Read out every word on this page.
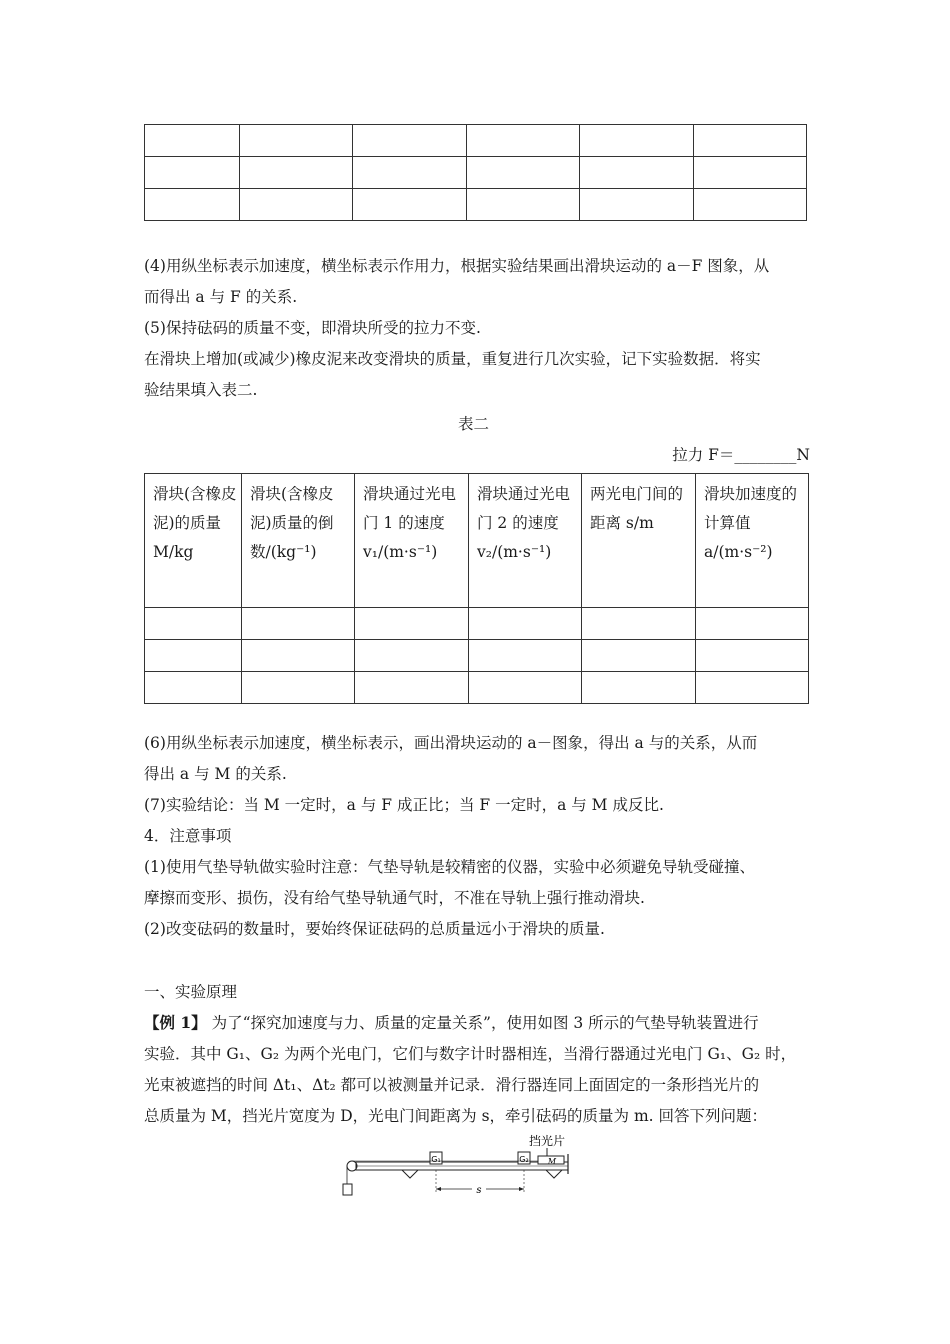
(4)用纵坐标表示加速度，横坐标表示作用力，根据实验结果画出滑块运动的 a－F 图象，从
而得出 a 与 F 的关系.
(5)保持砝码的质量不变，即滑块所受的拉力不变.
在滑块上增加(或减少)橡皮泥来改变滑块的质量，重复进行几次实验，记下实验数据．将实
验结果填入表二.
表二
拉力 F＝________N
滑块(含橡皮泥)的质量 M/kg	滑块(含橡皮泥)质量的倒数/(kg⁻¹)	滑块通过光电门 1 的速度 v₁/(m·s⁻¹)	滑块通过光电门 2 的速度 v₂/(m·s⁻¹)	两光电门间的距离 s/m	滑块加速度的计算值 a/(m·s⁻²)

(6)用纵坐标表示加速度，横坐标表示，画出滑块运动的 a－图象，得出 a 与的关系，从而
得出 a 与 M 的关系.
(7)实验结论：当 M 一定时，a 与 F 成正比；当 F 一定时，a 与 M 成反比.
4．注意事项
(1)使用气垫导轨做实验时注意：气垫导轨是较精密的仪器，实验中必须避免导轨受碰撞、
摩擦而变形、损伤，没有给气垫导轨通气时，不准在导轨上强行推动滑块.
(2)改变砝码的数量时，要始终保证砝码的总质量远小于滑块的质量.
一、实验原理
【例 1】 为了“探究加速度与力、质量的定量关系”，使用如图 3 所示的气垫导轨装置进行
实验．其中 G₁、G₂ 为两个光电门，它们与数字计时器相连，当滑行器通过光电门 G₁、G₂ 时，
光束被遮挡的时间 Δt₁、Δt₂ 都可以被测量并记录．滑行器连同上面固定的一条形挡光片的
总质量为 M，挡光片宽度为 D，光电门间距离为 s，牵引砝码的质量为 m. 回答下列问题：
挡光片
G₁	G₂ M
s
